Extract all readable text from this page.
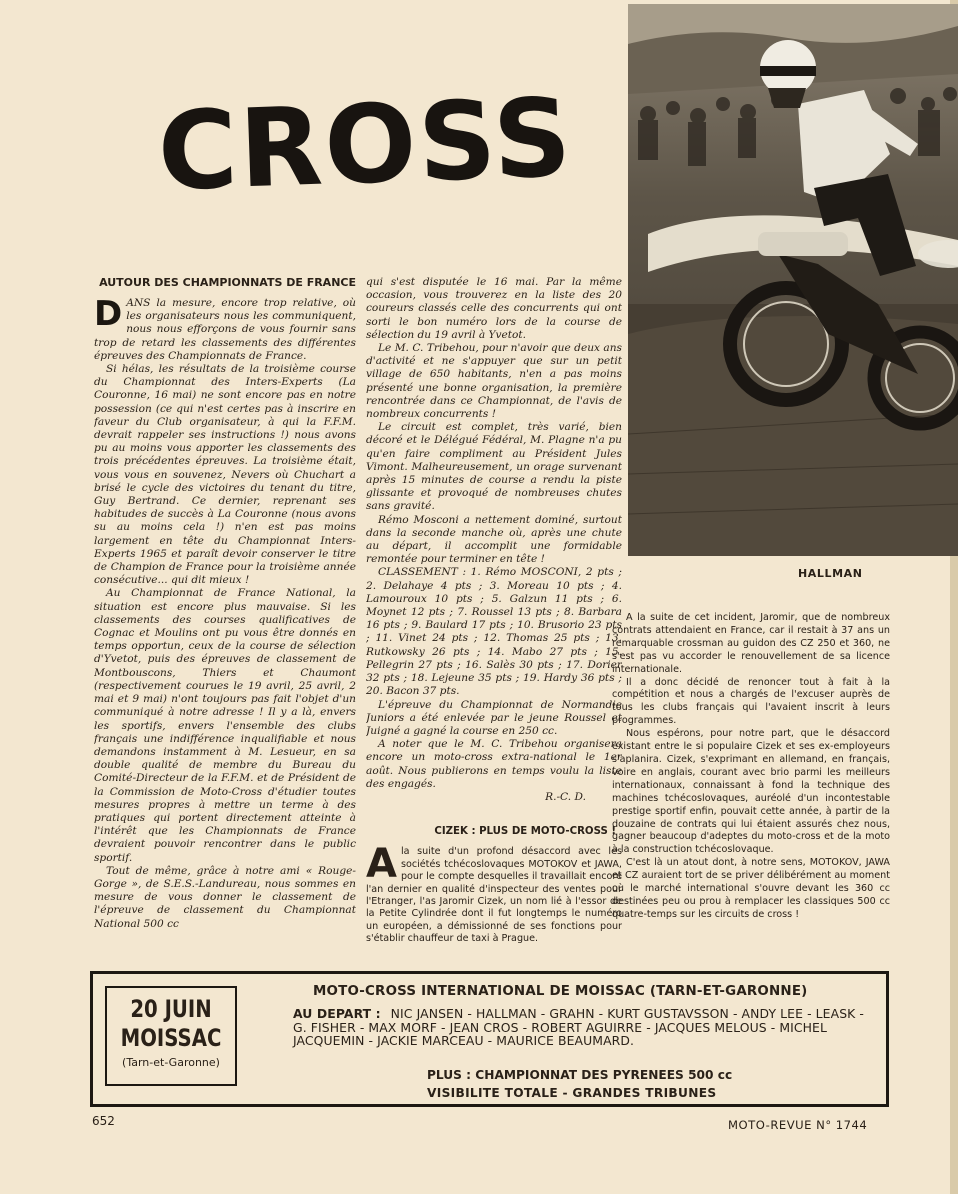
CROSS
AUTOUR DES CHAMPIONNATS DE FRANCE

DANS la mesure, encore trop relative, où les organisateurs nous les communiquent, nous nous efforçons de vous fournir sans trop de retard les classements des différentes épreuves des Championnats de France.

Si hélas, les résultats de la troisième course du Championnat des Inters-Experts (La Couronne, 16 mai) ne sont encore pas en notre possession (ce qui n'est certes pas à inscrire en faveur du Club organisateur, à qui la F.F.M. devrait rappeler ses instructions !) nous avons pu au moins vous apporter les classements des trois précédentes épreuves. La troisième était, vous vous en souvenez, Nevers où Chuchart a brisé le cycle des victoires du tenant du titre, Guy Bertrand. Ce dernier, reprenant ses habitudes de succès à La Couronne (nous avons su au moins cela !) n'en est pas moins largement en tête du Championnat Inters-Experts 1965 et paraît devoir conserver le titre de Champion de France pour la troisième année consécutive... qui dit mieux !

Au Championnat de France National, la situation est encore plus mauvaise. Si les classements des courses qualificatives de Cognac et Moulins ont pu vous être donnés en temps opportun, ceux de la course de sélection d'Yvetot, puis des épreuves de classement de Montbouscons, Thiers et Chaumont (respectivement courues le 19 avril, 25 avril, 2 mai et 9 mai) n'ont toujours pas fait l'objet d'un communiqué à notre adresse ! Il y a là, envers les sportifs, envers l'ensemble des clubs français une indifférence inqualifiable et nous demandons instamment à M. Lesueur, en sa double qualité de membre du Bureau du Comité-Directeur de la F.F.M. et de Président de la Commission de Moto-Cross d'étudier toutes mesures propres à mettre un terme à des pratiques qui portent directement atteinte à l'intérêt que les Championnats de France devraient pouvoir rencontrer dans le public sportif.

Tout de même, grâce à notre ami « Rouge-Gorge », de S.E.S.-Landureau, nous sommes en mesure de vous donner le classement de l'épreuve de classement du Championnat National 500 cc

qui s'est disputée le 16 mai. Par la même occasion, vous trouverez en la liste des 20 coureurs classés celle des concurrents qui ont sorti le bon numéro lors de la course de sélection du 19 avril à Yvetot.

Le M. C. Tribehou, pour n'avoir que deux ans d'activité et ne s'appuyer que sur un petit village de 650 habitants, n'en a pas moins présenté une bonne organisation, la première rencontrée dans ce Championnat, de l'avis de nombreux concurrents !

Le circuit est complet, très varié, bien décoré et le Délégué Fédéral, M. Plagne n'a pu qu'en faire compliment au Président Jules Vimont. Malheureusement, un orage survenant après 15 minutes de course a rendu la piste glissante et provoqué de nombreuses chutes sans gravité.

Rémo Mosconi a nettement dominé, surtout dans la seconde manche où, après une chute au départ, il accomplit une formidable remontée pour terminer en tête !

CLASSEMENT : 1. Rémo MOSCONI, 2 pts ; 2. Delahaye 4 pts ; 3. Moreau 10 pts ; 4. Lamouroux 10 pts ; 5. Galzun 11 pts ; 6. Moynet 12 pts ; 7. Roussel 13 pts ; 8. Barbara 16 pts ; 9. Baulard 17 pts ; 10. Brusorio 23 pts ; 11. Vinet 24 pts ; 12. Thomas 25 pts ; 13. Rutkowsky 26 pts ; 14. Mabo 27 pts ; 15. Pellegrin 27 pts ; 16. Salès 30 pts ; 17. Dorier 32 pts ; 18. Lejeune 35 pts ; 19. Hardy 36 pts ; 20. Bacon 37 pts.

L'épreuve du Championnat de Normandie Juniors a été enlevée par le jeune Roussel et Juigné a gagné la course en 250 cc.

A noter que le M. C. Tribehou organisera encore un moto-cross extra-national le 1er août. Nous publierons en temps voulu la liste des engagés.

R.-C. D.

HALLMAN
CIZEK : PLUS DE MOTO-CROSS !
A la suite d'un profond désaccord avec les sociétés tchécoslovaques MOTOKOV et JAWA, pour le compte desquelles il travaillait encore l'an dernier en qualité d'inspecteur des ventes pour l'Etranger, l'as Jaromir Cizek, un nom lié à l'essor de la Petite Cylindrée dont il fut longtemps le numéro un européen, a démissionné de ses fonctions pour s'établir chauffeur de taxi à Prague.

A la suite de cet incident, Jaromir, que de nombreux contrats attendaient en France, car il restait à 37 ans un remarquable crossman au guidon des CZ 250 et 360, ne s'est pas vu accorder le renouvellement de sa licence internationale.

Il a donc décidé de renoncer tout à fait à la compétition et nous a chargés de l'excuser auprès de tous les clubs français qui l'avaient inscrit à leurs programmes.

Nous espérons, pour notre part, que le désaccord existant entre le si populaire Cizek et ses ex-employeurs s'aplanira. Cizek, s'exprimant en allemand, en français, voire en anglais, courant avec brio parmi les meilleurs internationaux, connaissant à fond la technique des machines tchécoslovaques, auréolé d'un incontestable prestige sportif enfin, pouvait cette année, à partir de la douzaine de contrats qui lui étaient assurés chez nous, gagner beaucoup d'adeptes du moto-cross et de la moto à la construction tchécoslovaque.

C'est là un atout dont, à notre sens, MOTOKOV, JAWA et CZ auraient tort de se priver délibérément au moment où le marché international s'ouvre devant les 360 cc destinées peu ou prou à remplacer les classiques 500 cc quatre-temps sur les circuits de cross !

20 JUIN
MOISSAC
(Tarn-et-Garonne)
MOTO-CROSS INTERNATIONAL DE MOISSAC (TARN-ET-GARONNE)
AU DEPART : NIC JANSEN - HALLMAN - GRAHN - KURT GUSTAVSSON - ANDY LEE - LEASK - G. FISHER - MAX MORF - JEAN CROS - ROBERT AGUIRRE - JACQUES MELOUS - MICHEL JACQUEMIN - JACKIE MARCEAU - MAURICE BEAUMARD.
PLUS : CHAMPIONNAT DES PYRENEES 500 cc
VISIBILITE TOTALE - GRANDES TRIBUNES
652	MOTO-REVUE N° 1744
